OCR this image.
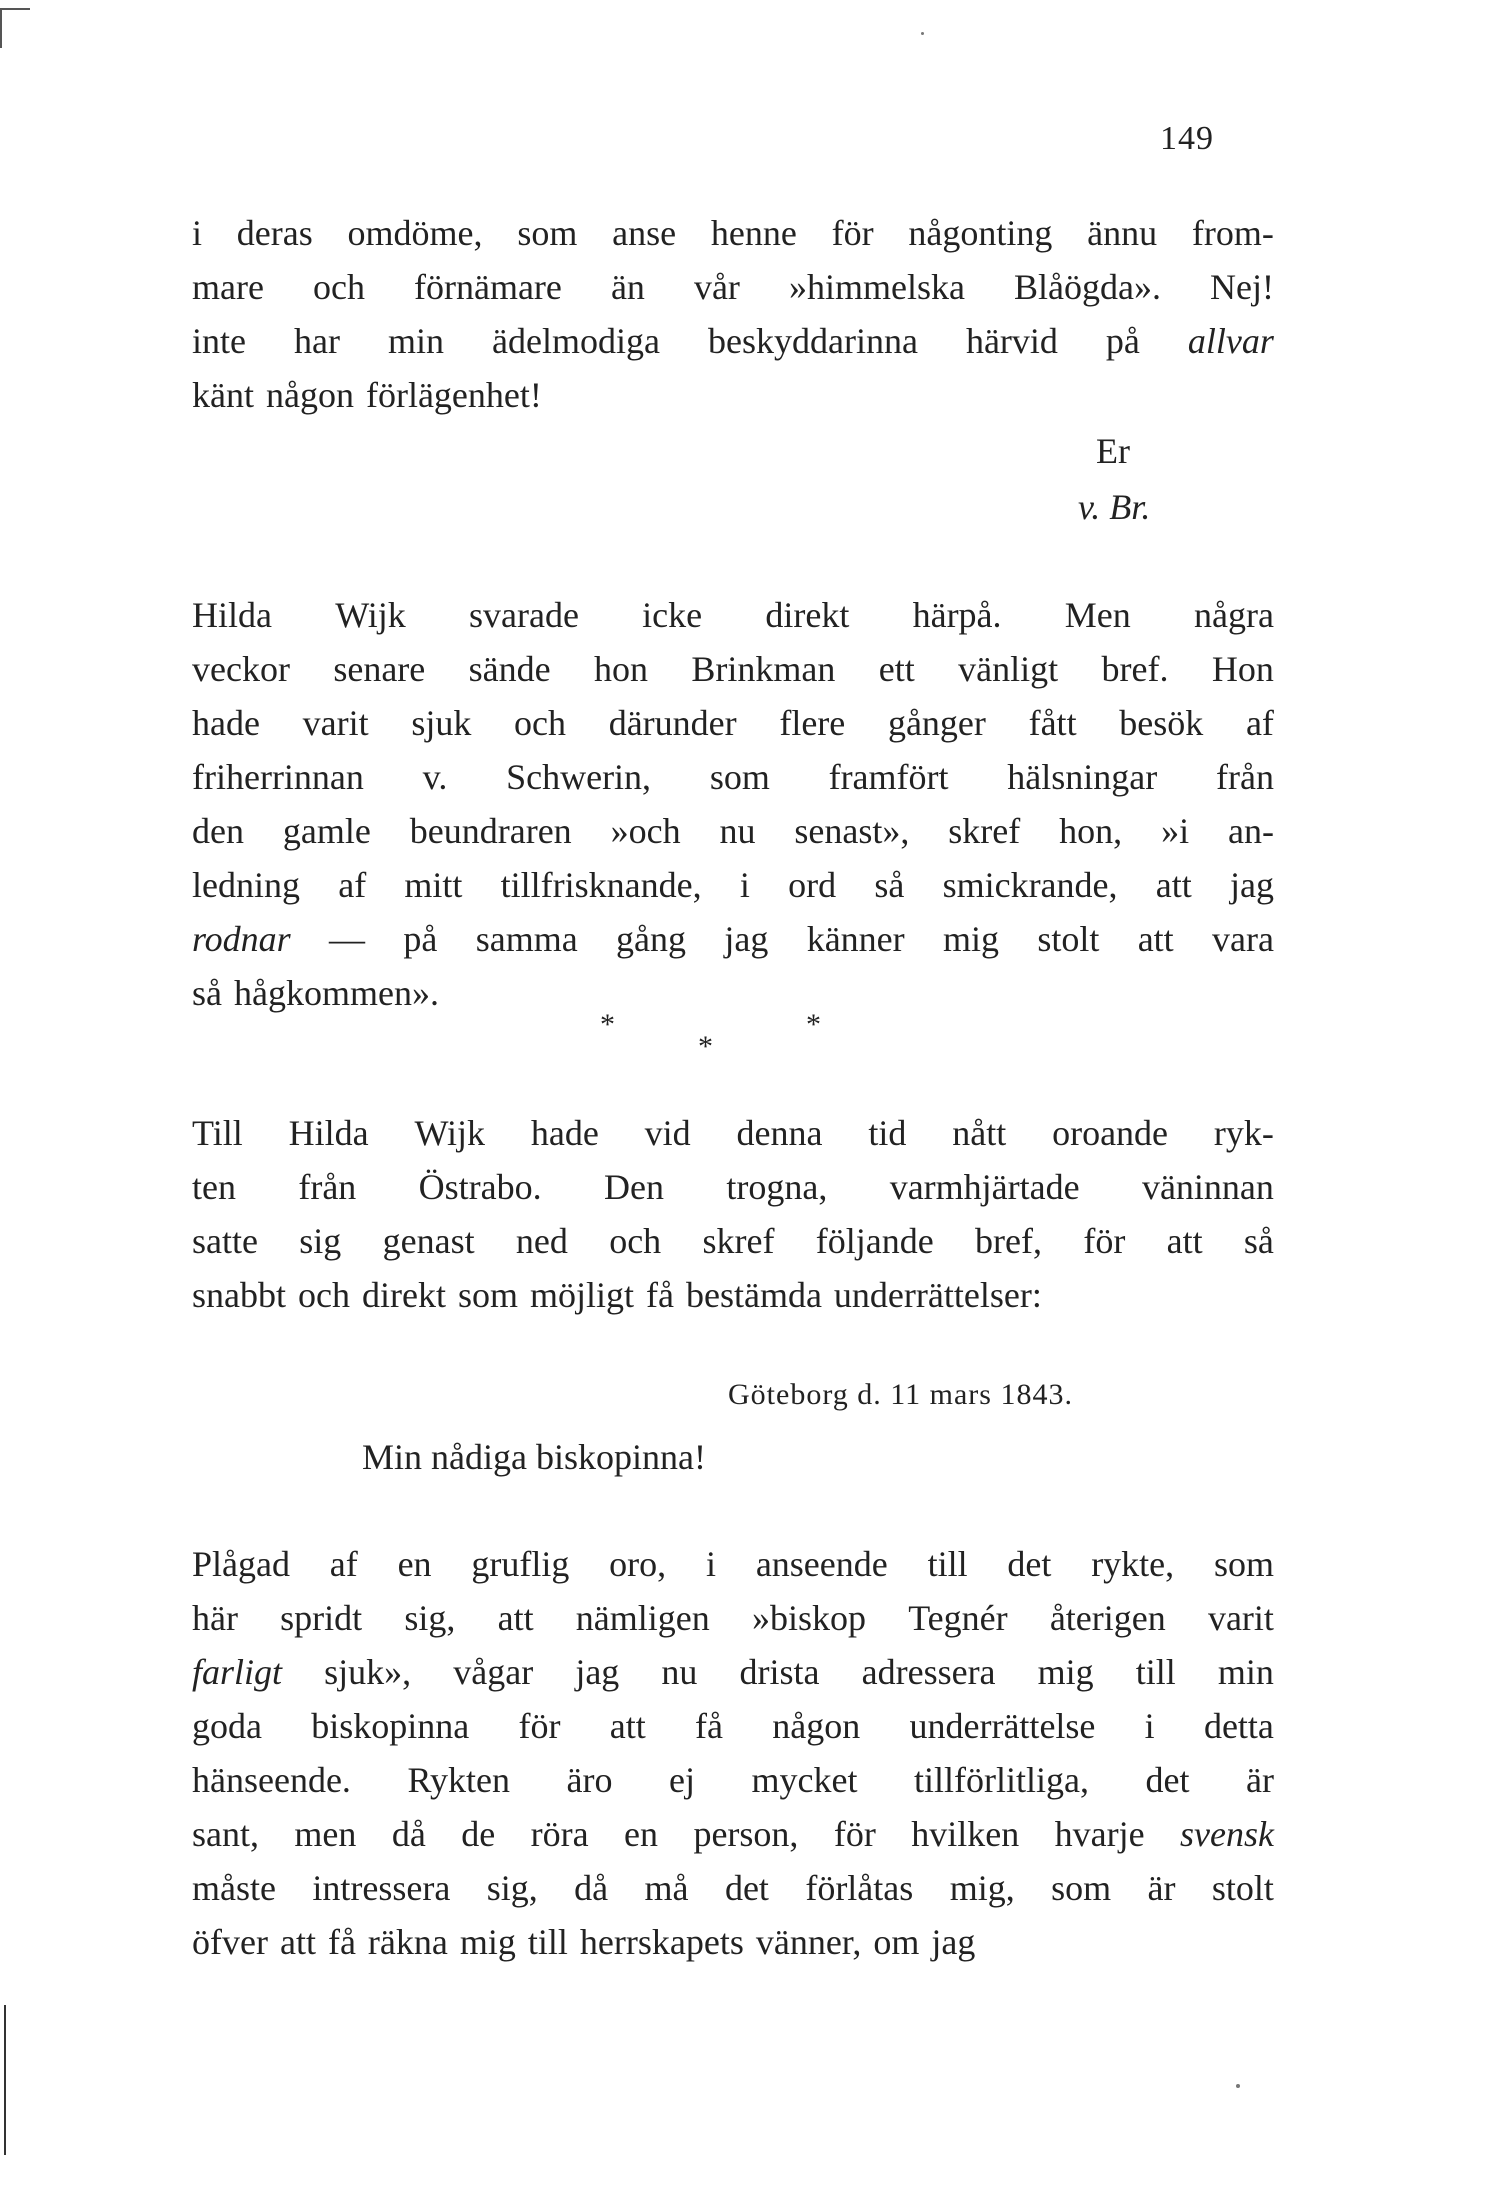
149
i deras omdöme, som anse henne för någonting ännu from-
mare och förnämare än vår »himmelska Blåögda». Nej!
inte har min ädelmodiga beskyddarinna härvid på allvar
känt någon förlägenhet!
Er
v. Br.
Hilda Wijk svarade icke direkt härpå. Men några
veckor senare sände hon Brinkman ett vänligt bref. Hon
hade varit sjuk och därunder flere gånger fått besök af
friherrinnan v. Schwerin, som framfört hälsningar från
den gamle beundraren »och nu senast», skref hon, »i an-
ledning af mitt tillfrisknande, i ord så smickrande, att jag
rodnar — på samma gång jag känner mig stolt att vara
så hågkommen».
*
*
*
Till Hilda Wijk hade vid denna tid nått oroande ryk-
ten från Östrabo. Den trogna, varmhjärtade väninnan
satte sig genast ned och skref följande bref, för att så
snabbt och direkt som möjligt få bestämda underrättelser:
Göteborg d. 11 mars 1843.
Min nådiga biskopinna!
Plågad af en gruflig oro, i anseende till det rykte, som
här spridt sig, att nämligen »biskop Tegnér återigen varit
farligt sjuk», vågar jag nu drista adressera mig till min
goda biskopinna för att få någon underrättelse i detta
hänseende. Rykten äro ej mycket tillförlitliga, det är
sant, men då de röra en person, för hvilken hvarje svensk
måste intressera sig, då må det förlåtas mig, som är stolt
öfver att få räkna mig till herrskapets vänner, om jag
